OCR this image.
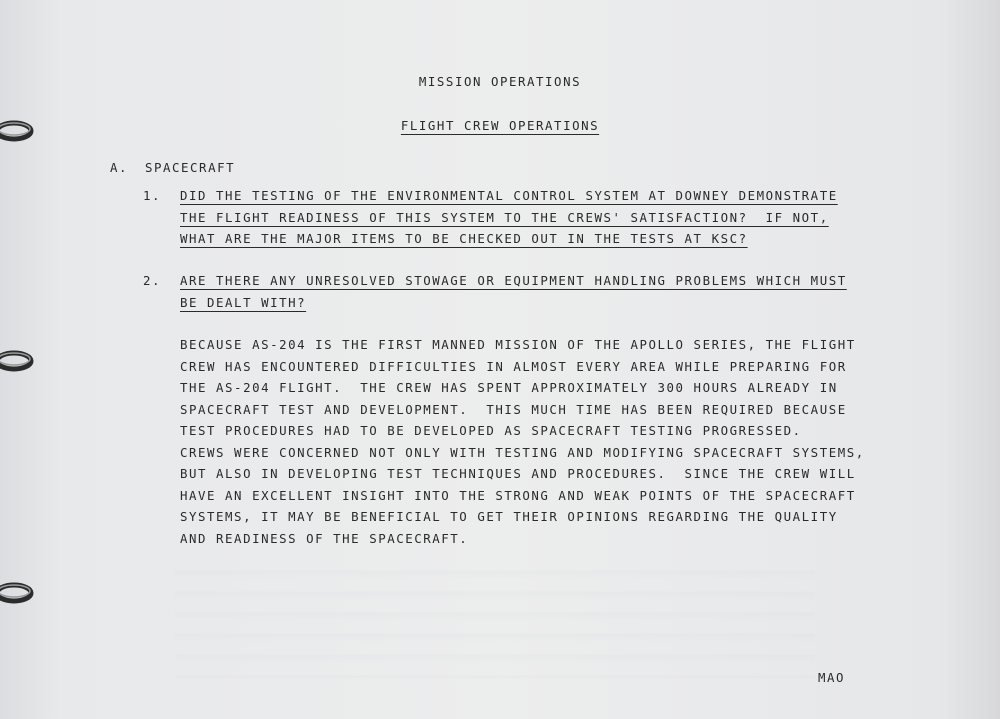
MISSION OPERATIONS
FLIGHT CREW OPERATIONS
A. SPACECRAFT
1. DID THE TESTING OF THE ENVIRONMENTAL CONTROL SYSTEM AT DOWNEY DEMONSTRATE
THE FLIGHT READINESS OF THIS SYSTEM TO THE CREWS' SATISFACTION?  IF NOT,
WHAT ARE THE MAJOR ITEMS TO BE CHECKED OUT IN THE TESTS AT KSC?
2. ARE THERE ANY UNRESOLVED STOWAGE OR EQUIPMENT HANDLING PROBLEMS WHICH MUST
BE DEALT WITH?
BECAUSE AS-204 IS THE FIRST MANNED MISSION OF THE APOLLO SERIES, THE FLIGHT
CREW HAS ENCOUNTERED DIFFICULTIES IN ALMOST EVERY AREA WHILE PREPARING FOR
THE AS-204 FLIGHT.  THE CREW HAS SPENT APPROXIMATELY 300 HOURS ALREADY IN
SPACECRAFT TEST AND DEVELOPMENT.  THIS MUCH TIME HAS BEEN REQUIRED BECAUSE
TEST PROCEDURES HAD TO BE DEVELOPED AS SPACECRAFT TESTING PROGRESSED.
CREWS WERE CONCERNED NOT ONLY WITH TESTING AND MODIFYING SPACECRAFT SYSTEMS,
BUT ALSO IN DEVELOPING TEST TECHNIQUES AND PROCEDURES.  SINCE THE CREW WILL
HAVE AN EXCELLENT INSIGHT INTO THE STRONG AND WEAK POINTS OF THE SPACECRAFT
SYSTEMS, IT MAY BE BENEFICIAL TO GET THEIR OPINIONS REGARDING THE QUALITY
AND READINESS OF THE SPACECRAFT.
MAO
